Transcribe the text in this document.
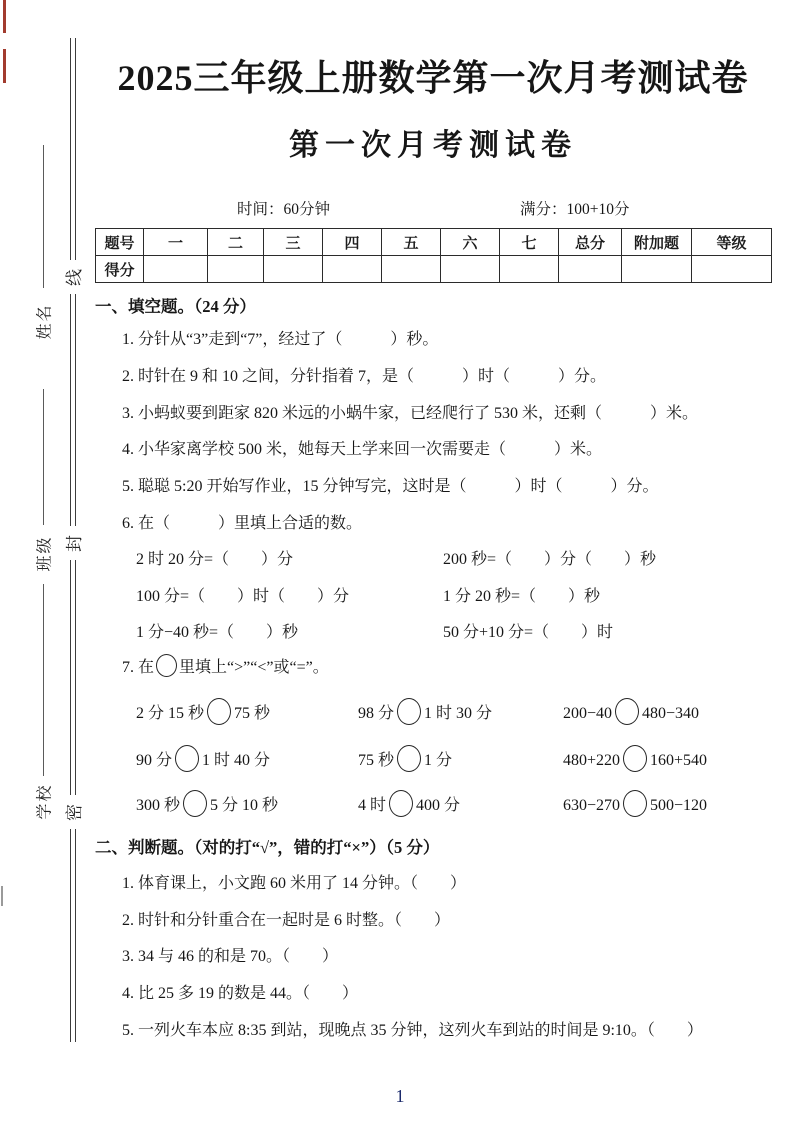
线
封
密
姓名
班级
学校
2025三年级上册数学第一次月考测试卷
第一次月考测试卷
时间：60分钟	满分：100+10分
题号	一	二	三	四	五	六	七	总分	附加题	等级
得分										
一、填空题。（24 分）
1. 分针从“3”走到“7”，经过了（　　　）秒。
2. 时针在 9 和 10 之间，分针指着 7，是（　　　）时（　　　）分。
3. 小蚂蚁要到距家 820 米远的小蜗牛家，已经爬行了 530 米，还剩（　　　）米。
4. 小华家离学校 500 米，她每天上学来回一次需要走（　　　）米。
5. 聪聪 5:20 开始写作业，15 分钟写完，这时是（　　　）时（　　　）分。
6. 在（　　　）里填上合适的数。
2 时 20 分=（　　）分	200 秒=（　　）分（　　）秒
100 分=（　　）时（　　）分	1 分 20 秒=（　　）秒
1 分−40 秒=（　　）秒	50 分+10 分=（　　）时
7. 在 里填上“>”“<”或“=”。
2 分 15 秒 75 秒	98 分 1 时 30 分	200−40 480−340
90 分 1 时 40 分	75 秒 1 分	480+220 160+540
300 秒 5 分 10 秒	4 时 400 分	630−270 500−120
二、判断题。（对的打“√”，错的打“×”）（5 分）
1. 体育课上，小文跑 60 米用了 14 分钟。（　　）
2. 时针和分针重合在一起时是 6 时整。（　　）
3. 34 与 46 的和是 70。（　　）
4. 比 25 多 19 的数是 44。（　　）
5. 一列火车本应 8:35 到站，现晚点 35 分钟，这列火车到站的时间是 9:10。（　　）
1
